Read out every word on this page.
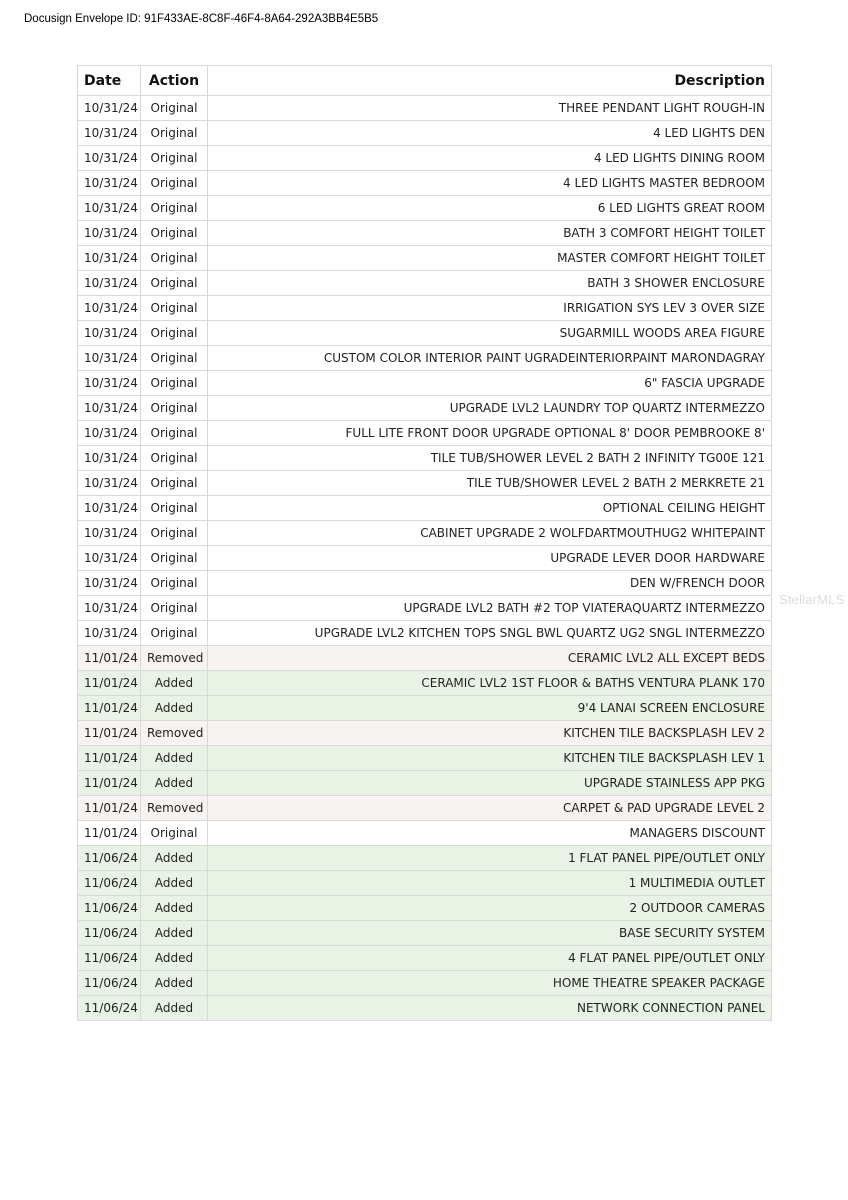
Docusign Envelope ID: 91F433AE-8C8F-46F4-8A64-292A3BB4E5B5
Date	Action	Description
10/31/24	Original	THREE PENDANT LIGHT ROUGH-IN
10/31/24	Original	4 LED LIGHTS DEN
10/31/24	Original	4 LED LIGHTS DINING ROOM
10/31/24	Original	4 LED LIGHTS MASTER BEDROOM
10/31/24	Original	6 LED LIGHTS GREAT ROOM
10/31/24	Original	BATH 3 COMFORT HEIGHT TOILET
10/31/24	Original	MASTER COMFORT HEIGHT TOILET
10/31/24	Original	BATH 3 SHOWER ENCLOSURE
10/31/24	Original	IRRIGATION SYS LEV 3 OVER SIZE
10/31/24	Original	SUGARMILL WOODS AREA FIGURE
10/31/24	Original	CUSTOM COLOR INTERIOR PAINT UGRADEINTERIORPAINT MARONDAGRAY
10/31/24	Original	6" FASCIA UPGRADE
10/31/24	Original	UPGRADE LVL2 LAUNDRY TOP QUARTZ INTERMEZZO
10/31/24	Original	FULL LITE FRONT DOOR UPGRADE OPTIONAL 8' DOOR PEMBROOKE 8'
10/31/24	Original	TILE TUB/SHOWER LEVEL 2 BATH 2 INFINITY TG00E 121
10/31/24	Original	TILE TUB/SHOWER LEVEL 2 BATH 2 MERKRETE 21
10/31/24	Original	OPTIONAL CEILING HEIGHT
10/31/24	Original	CABINET UPGRADE 2 WOLFDARTMOUTHUG2 WHITEPAINT
10/31/24	Original	UPGRADE LEVER DOOR HARDWARE
10/31/24	Original	DEN W/FRENCH DOOR
10/31/24	Original	UPGRADE LVL2 BATH #2 TOP VIATERAQUARTZ INTERMEZZO
10/31/24	Original	UPGRADE LVL2 KITCHEN TOPS SNGL BWL QUARTZ UG2 SNGL INTERMEZZO
11/01/24	Removed	CERAMIC LVL2 ALL EXCEPT BEDS
11/01/24	Added	CERAMIC LVL2 1ST FLOOR & BATHS VENTURA PLANK 170
11/01/24	Added	9'4 LANAI SCREEN ENCLOSURE
11/01/24	Removed	KITCHEN TILE BACKSPLASH LEV 2
11/01/24	Added	KITCHEN TILE BACKSPLASH LEV 1
11/01/24	Added	UPGRADE STAINLESS APP PKG
11/01/24	Removed	CARPET & PAD UPGRADE LEVEL 2
11/01/24	Original	MANAGERS DISCOUNT
11/06/24	Added	1 FLAT PANEL PIPE/OUTLET ONLY
11/06/24	Added	1 MULTIMEDIA OUTLET
11/06/24	Added	2 OUTDOOR CAMERAS
11/06/24	Added	BASE SECURITY SYSTEM
11/06/24	Added	4 FLAT PANEL PIPE/OUTLET ONLY
11/06/24	Added	HOME THEATRE SPEAKER PACKAGE
11/06/24	Added	NETWORK CONNECTION PANEL
StellarMLS
